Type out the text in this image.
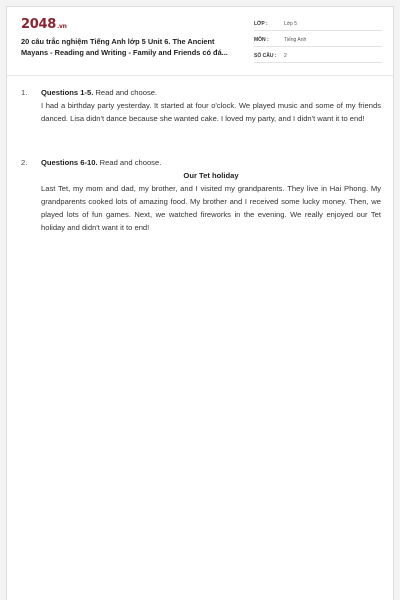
2048.vn
20 câu trắc nghiệm Tiếng Anh lớp 5 Unit 6. The Ancient
Mayans - Reading and Writing - Family and Friends có đá...
LỚP :	Lớp 5
MÔN :	Tiếng Anh
SỐ CÂU :	2
1. Questions 1-5. Read and choose.
I had a birthday party yesterday. It started at four o'clock. We played music and some of my friends danced. Lisa didn't dance because she wanted cake. I loved my party, and I didn't want it to end!
2. Questions 6-10. Read and choose.
Our Tet holiday
Last Tet, my mom and dad, my brother, and I visited my grandparents. They live in Hai Phong. My grandparents cooked lots of amazing food. My brother and I received some lucky money. Then, we played lots of fun games. Next, we watched fireworks in the evening. We really enjoyed our Tet holiday and didn't want it to end!
